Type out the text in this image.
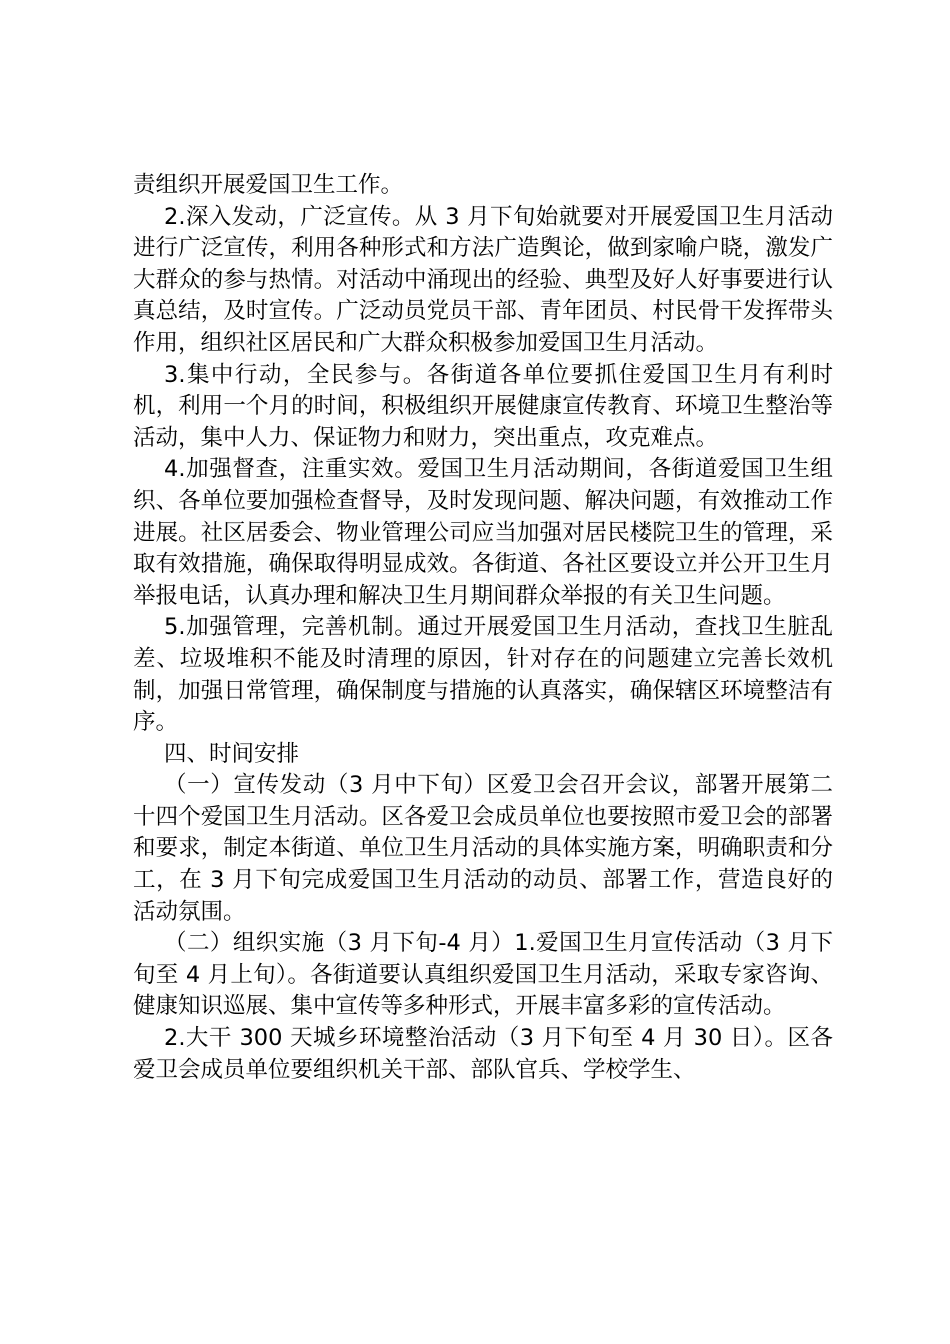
责组织开展爱国卫生工作。

2.深入发动，广泛宣传。从 3 月下旬始就要对开展爱国卫生月活动进行广泛宣传，利用各种形式和方法广造舆论，做到家喻户晓，激发广大群众的参与热情。对活动中涌现出的经验、典型及好人好事要进行认真总结，及时宣传。广泛动员党员干部、青年团员、村民骨干发挥带头作用，组织社区居民和广大群众积极参加爱国卫生月活动。

3.集中行动，全民参与。各街道各单位要抓住爱国卫生月有利时机，利用一个月的时间，积极组织开展健康宣传教育、环境卫生整治等活动，集中人力、保证物力和财力，突出重点，攻克难点。

4.加强督查，注重实效。爱国卫生月活动期间，各街道爱国卫生组织、各单位要加强检查督导，及时发现问题、解决问题，有效推动工作进展。社区居委会、物业管理公司应当加强对居民楼院卫生的管理，采取有效措施，确保取得明显成效。各街道、各社区要设立并公开卫生月举报电话，认真办理和解决卫生月期间群众举报的有关卫生问题。

5.加强管理，完善机制。通过开展爱国卫生月活动，查找卫生脏乱差、垃圾堆积不能及时清理的原因，针对存在的问题建立完善长效机制，加强日常管理，确保制度与措施的认真落实，确保辖区环境整洁有序。

四、时间安排

（一）宣传发动（3 月中下旬）区爱卫会召开会议，部署开展第二十四个爱国卫生月活动。区各爱卫会成员单位也要按照市爱卫会的部署和要求，制定本街道、单位卫生月活动的具体实施方案，明确职责和分工，在 3 月下旬完成爱国卫生月活动的动员、部署工作，营造良好的活动氛围。

（二）组织实施（3 月下旬-4 月）1.爱国卫生月宣传活动（3 月下旬至 4 月上旬）。各街道要认真组织爱国卫生月活动，采取专家咨询、健康知识巡展、集中宣传等多种形式，开展丰富多彩的宣传活动。

2.大干 300 天城乡环境整治活动（3 月下旬至 4 月 30 日）。区各爱卫会成员单位要组织机关干部、部队官兵、学校学生、
